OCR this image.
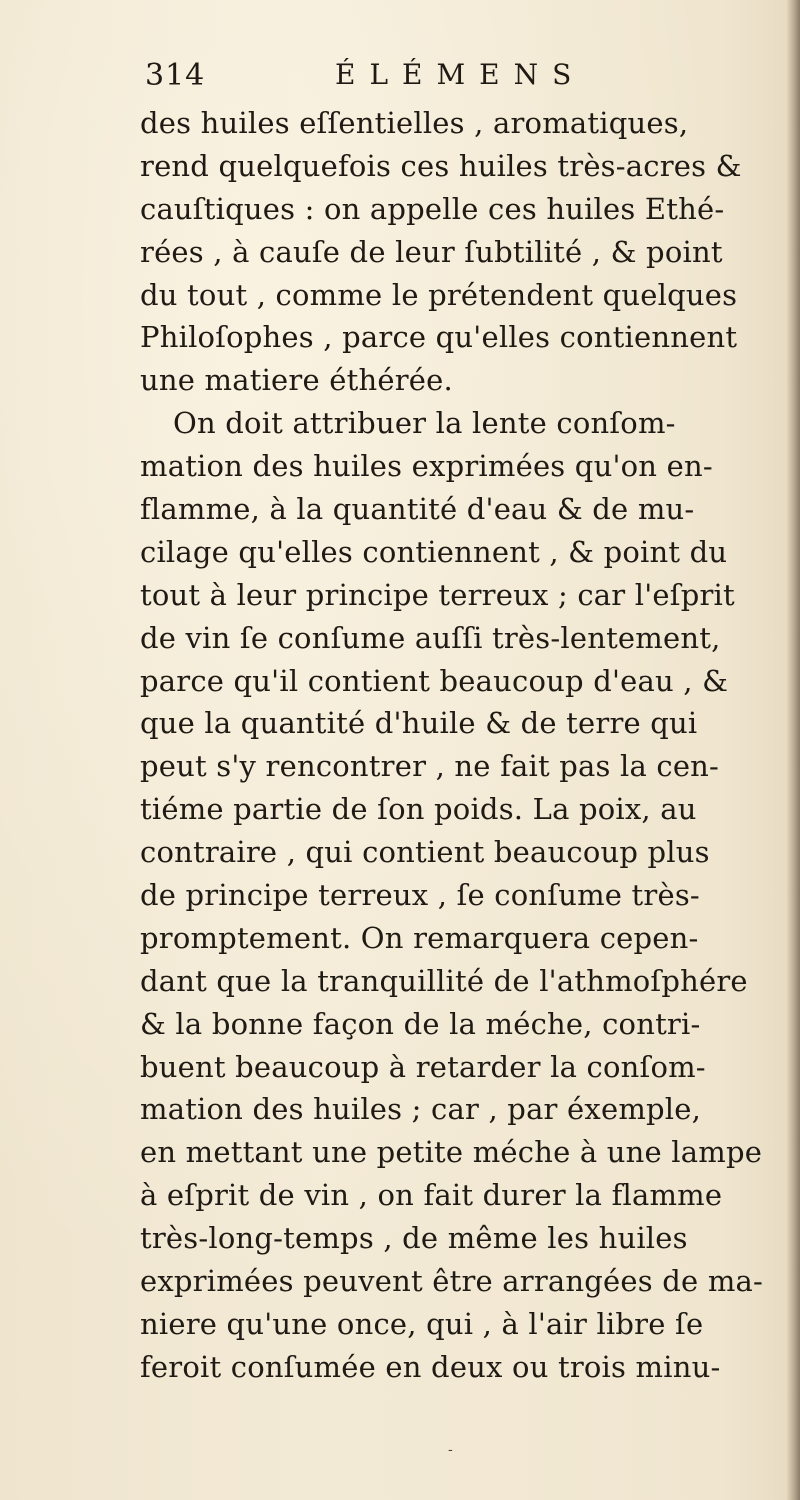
314	ÉLÉMENS
des huiles eſſentielles , aromatiques,
rend quelquefois ces huiles très-acres &
cauſtiques : on appelle ces huiles Ethé-
rées , à cauſe de leur ſubtilité , & point
du tout , comme le prétendent quelques
Philoſophes , parce qu'elles contiennent
une matiere éthérée.
On doit attribuer la lente conſom-
mation des huiles exprimées qu'on en-
flamme, à la quantité d'eau & de mu-
cilage qu'elles contiennent , & point du
tout à leur principe terreux ; car l'eſprit
de vin ſe conſume auſſi très-lentement,
parce qu'il contient beaucoup d'eau , &
que la quantité d'huile & de terre qui
peut s'y rencontrer , ne fait pas la cen-
tiéme partie de ſon poids. La poix, au
contraire , qui contient beaucoup plus
de principe terreux , ſe conſume très-
promptement. On remarquera cepen-
dant que la tranquillité de l'athmoſphére
& la bonne façon de la méche, contri-
buent beaucoup à retarder la conſom-
mation des huiles ; car , par éxemple,
en mettant une petite méche à une lampe
à eſprit de vin , on fait durer la flamme
très-long-temps , de même les huiles
exprimées peuvent être arrangées de ma-
niere qu'une once, qui , à l'air libre ſe
feroit conſumée en deux ou trois minu-
-
